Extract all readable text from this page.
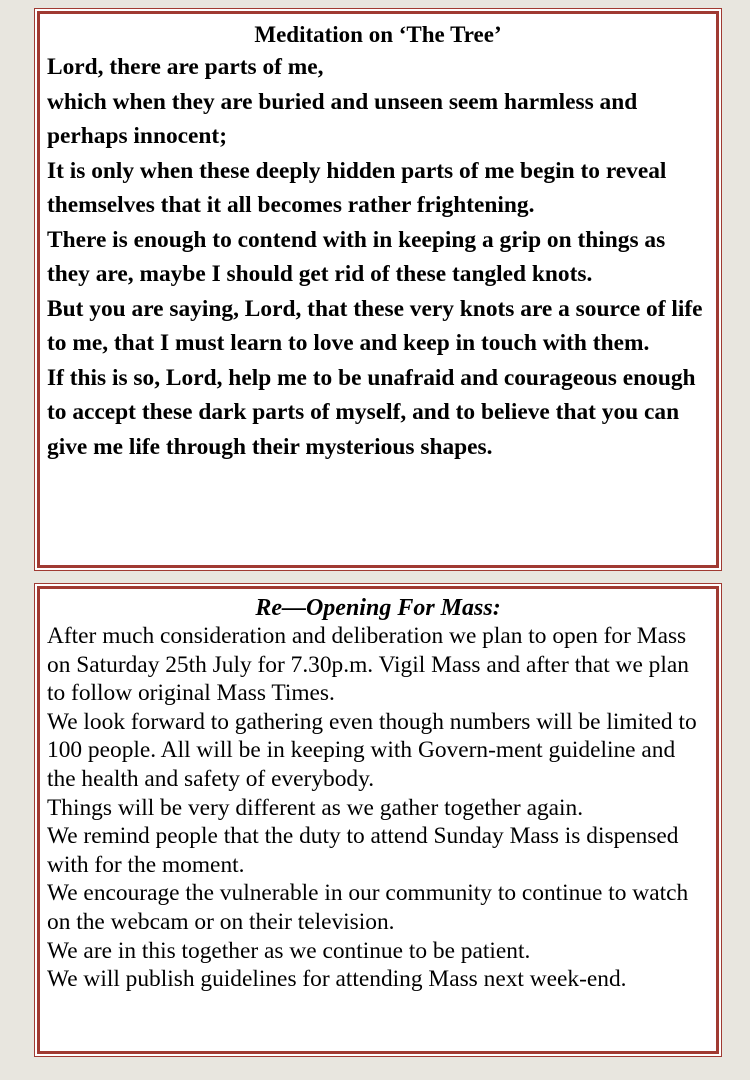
Meditation on ‘The Tree’

Lord, there are parts of me,

which when they are buried and unseen seem harmless and perhaps innocent;

It is only when these deeply hidden parts of me begin to reveal themselves that it all becomes rather frightening.

There is enough to contend with in keeping a grip on things as they are, maybe I should get rid of these tangled knots.

But you are saying, Lord, that these very knots are a source of life to me, that I must learn to love and keep in touch with them.

If this is so, Lord, help me to be unafraid and courageous enough to accept these dark parts of myself, and to believe that you can give me life through their mysterious shapes.

Re—Opening For Mass:

After much consideration and deliberation we plan to open for Mass on Saturday 25th July for 7.30p.m. Vigil Mass and after that we plan to follow original Mass Times.

We look forward to gathering even though numbers will be limited to 100 people. All will be in keeping with Govern-ment guideline and the health and safety of everybody.

Things will be very different as we gather together again.

We remind people that the duty to attend Sunday Mass is dispensed with for the moment.

We encourage the vulnerable in our community to continue to watch on the webcam or on their television.

We are in this together as we continue to be patient.

We will publish guidelines for attending Mass next week-end.
